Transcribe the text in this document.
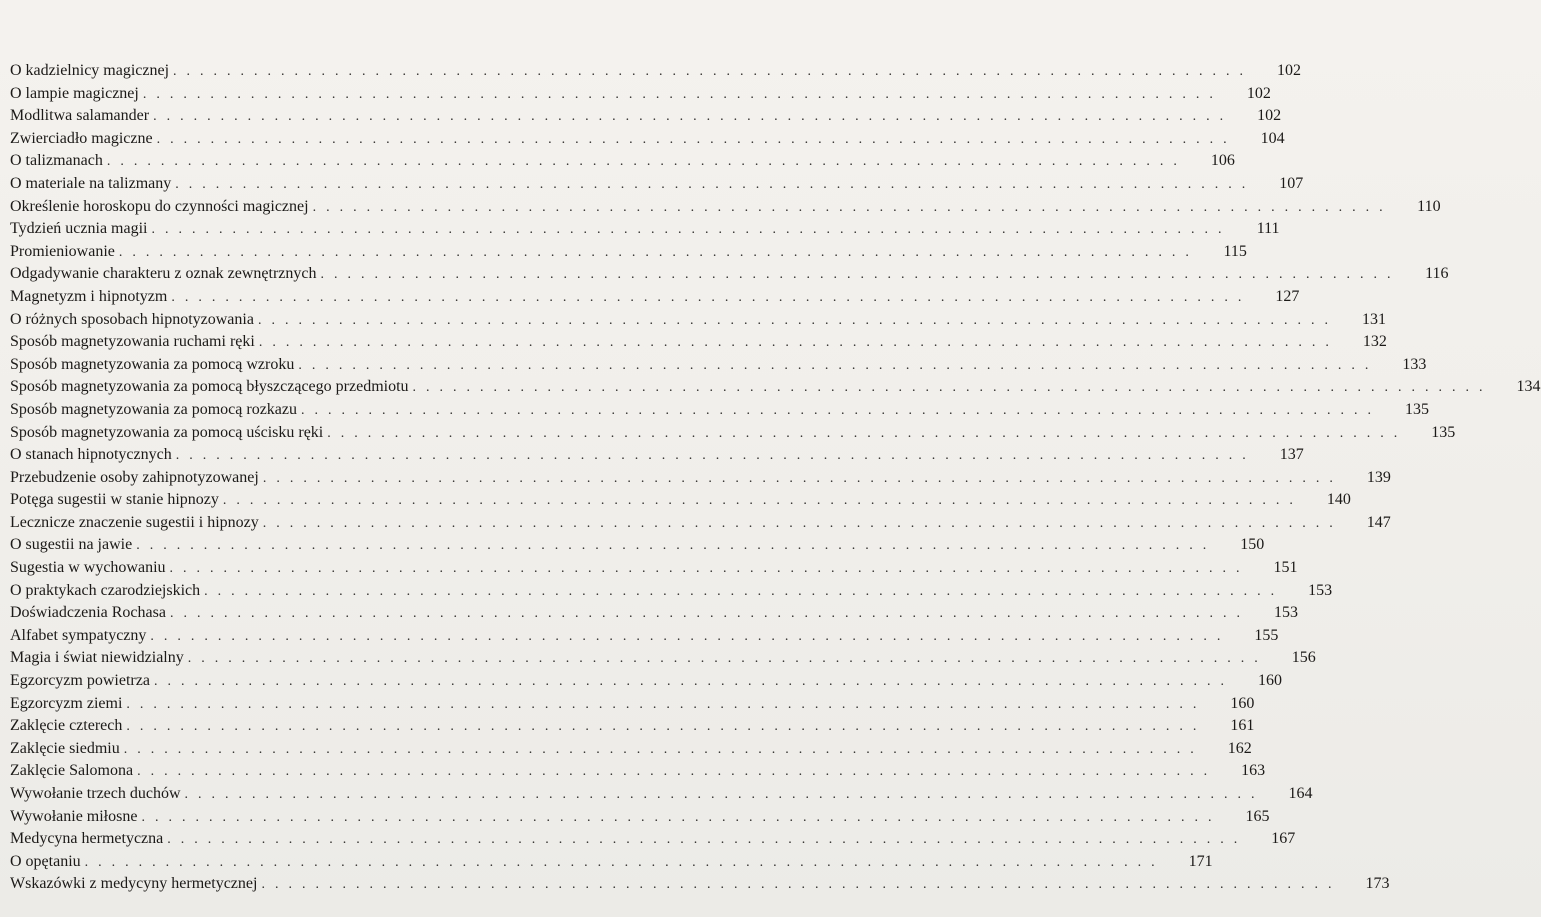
O kadzielnicy magicznej ................................................................................	102
O lampie magicznej ................................................................................	102
Modlitwa salamander ................................................................................	102
Zwierciadło magiczne ................................................................................	104
O talizmanach ................................................................................	106
O materiale na talizmany ................................................................................	107
Określenie horoskopu do czynności magicznej ................................................................................	110
Tydzień ucznia magii ................................................................................	111
Promieniowanie ................................................................................	115
Odgadywanie charakteru z oznak zewnętrznych ................................................................................	116
Magnetyzm i hipnotyzm ................................................................................	127
O różnych sposobach hipnotyzowania ................................................................................	131
Sposób magnetyzowania ruchami ręki ................................................................................	132
Sposób magnetyzowania za pomocą wzroku ................................................................................	133
Sposób magnetyzowania za pomocą błyszczącego przedmiotu ................................................................................	134
Sposób magnetyzowania za pomocą rozkazu ................................................................................	135
Sposób magnetyzowania za pomocą uścisku ręki ................................................................................	135
O stanach hipnotycznych ................................................................................	137
Przebudzenie osoby zahipnotyzowanej ................................................................................	139
Potęga sugestii w stanie hipnozy ................................................................................	140
Lecznicze znaczenie sugestii i hipnozy ................................................................................	147
O sugestii na jawie ................................................................................	150
Sugestia w wychowaniu ................................................................................	151
O praktykach czarodziejskich ................................................................................	153
Doświadczenia Rochasa ................................................................................	153
Alfabet sympatyczny ................................................................................	155
Magia i świat niewidzialny ................................................................................	156
Egzorcyzm powietrza ................................................................................	160
Egzorcyzm ziemi ................................................................................	160
Zaklęcie czterech ................................................................................	161
Zaklęcie siedmiu ................................................................................	162
Zaklęcie Salomona ................................................................................	163
Wywołanie trzech duchów ................................................................................	164
Wywołanie miłosne ................................................................................	165
Medycyna hermetyczna ................................................................................	167
O opętaniu ................................................................................	171
Wskazówki z medycyny hermetycznej ................................................................................	173
